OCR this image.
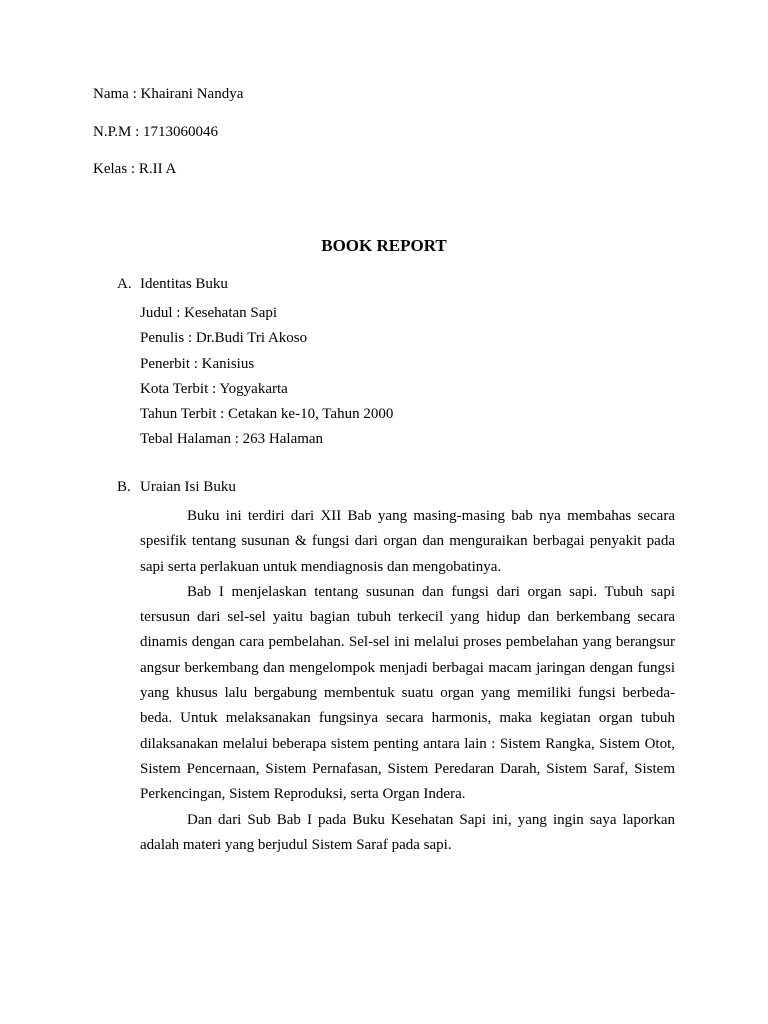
Nama : Khairani Nandya
N.P.M : 1713060046
Kelas : R.II A
BOOK REPORT
A. Identitas Buku
Judul : Kesehatan Sapi
Penulis : Dr.Budi Tri Akoso
Penerbit : Kanisius
Kota Terbit : Yogyakarta
Tahun Terbit : Cetakan ke-10, Tahun 2000
Tebal Halaman : 263 Halaman
B. Uraian Isi Buku

Buku ini terdiri dari XII Bab yang masing-masing bab nya membahas secara spesifik tentang susunan & fungsi dari organ dan menguraikan berbagai penyakit pada sapi serta perlakuan untuk mendiagnosis dan mengobatinya.

Bab I menjelaskan tentang susunan dan fungsi dari organ sapi. Tubuh sapi tersusun dari sel-sel yaitu bagian tubuh terkecil yang hidup dan berkembang secara dinamis dengan cara pembelahan. Sel-sel ini melalui proses pembelahan yang berangsur angsur berkembang dan mengelompok menjadi berbagai macam jaringan dengan fungsi yang khusus lalu bergabung membentuk suatu organ yang memiliki fungsi berbeda-beda. Untuk melaksanakan fungsinya secara harmonis, maka kegiatan organ tubuh dilaksanakan melalui beberapa sistem penting antara lain : Sistem Rangka, Sistem Otot, Sistem Pencernaan, Sistem Pernafasan, Sistem Peredaran Darah, Sistem Saraf, Sistem Perkencingan, Sistem Reproduksi, serta Organ Indera.

Dan dari Sub Bab I pada Buku Kesehatan Sapi ini, yang ingin saya laporkan adalah materi yang berjudul Sistem Saraf pada sapi.
